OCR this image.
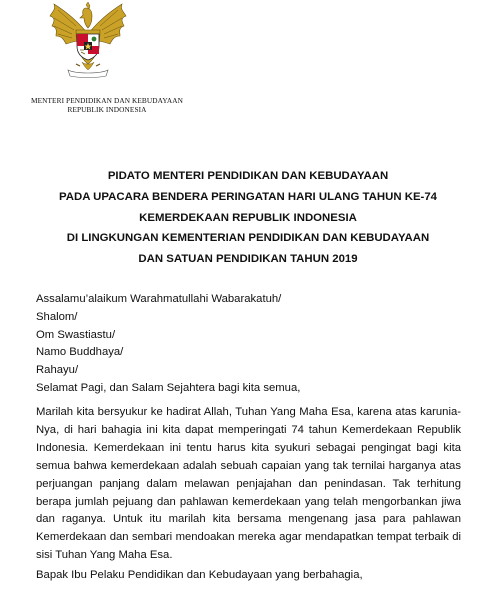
MENTERI PENDIDIKAN DAN KEBUDAYAAN
REPUBLIK INDONESIA
PIDATO MENTERI PENDIDIKAN DAN KEBUDAYAAN
PADA UPACARA BENDERA PERINGATAN HARI ULANG TAHUN KE-74
KEMERDEKAAN REPUBLIK INDONESIA
DI LINGKUNGAN KEMENTERIAN PENDIDIKAN DAN KEBUDAYAAN
DAN SATUAN PENDIDIKAN TAHUN 2019
Assalamu’alaikum Warahmatullahi Wabarakatuh/
Shalom/
Om Swastiastu/
Namo Buddhaya/
Rahayu/
Selamat Pagi, dan Salam Sejahtera bagi kita semua,
Marilah kita bersyukur ke hadirat Allah, Tuhan Yang Maha Esa, karena atas karunia-Nya, di hari bahagia ini kita dapat memperingati 74 tahun Kemerdekaan Republik Indonesia. Kemerdekaan ini tentu harus kita syukuri sebagai pengingat bagi kita semua bahwa kemerdekaan adalah sebuah capaian yang tak ternilai harganya atas perjuangan panjang dalam melawan penjajahan dan penindasan. Tak terhitung berapa jumlah pejuang dan pahlawan kemerdekaan yang telah mengorbankan jiwa dan raganya. Untuk itu marilah kita bersama mengenang jasa para pahlawan Kemerdekaan dan sembari mendoakan mereka agar mendapatkan tempat terbaik di sisi Tuhan Yang Maha Esa.
Bapak Ibu Pelaku Pendidikan dan Kebudayaan yang berbahagia,
